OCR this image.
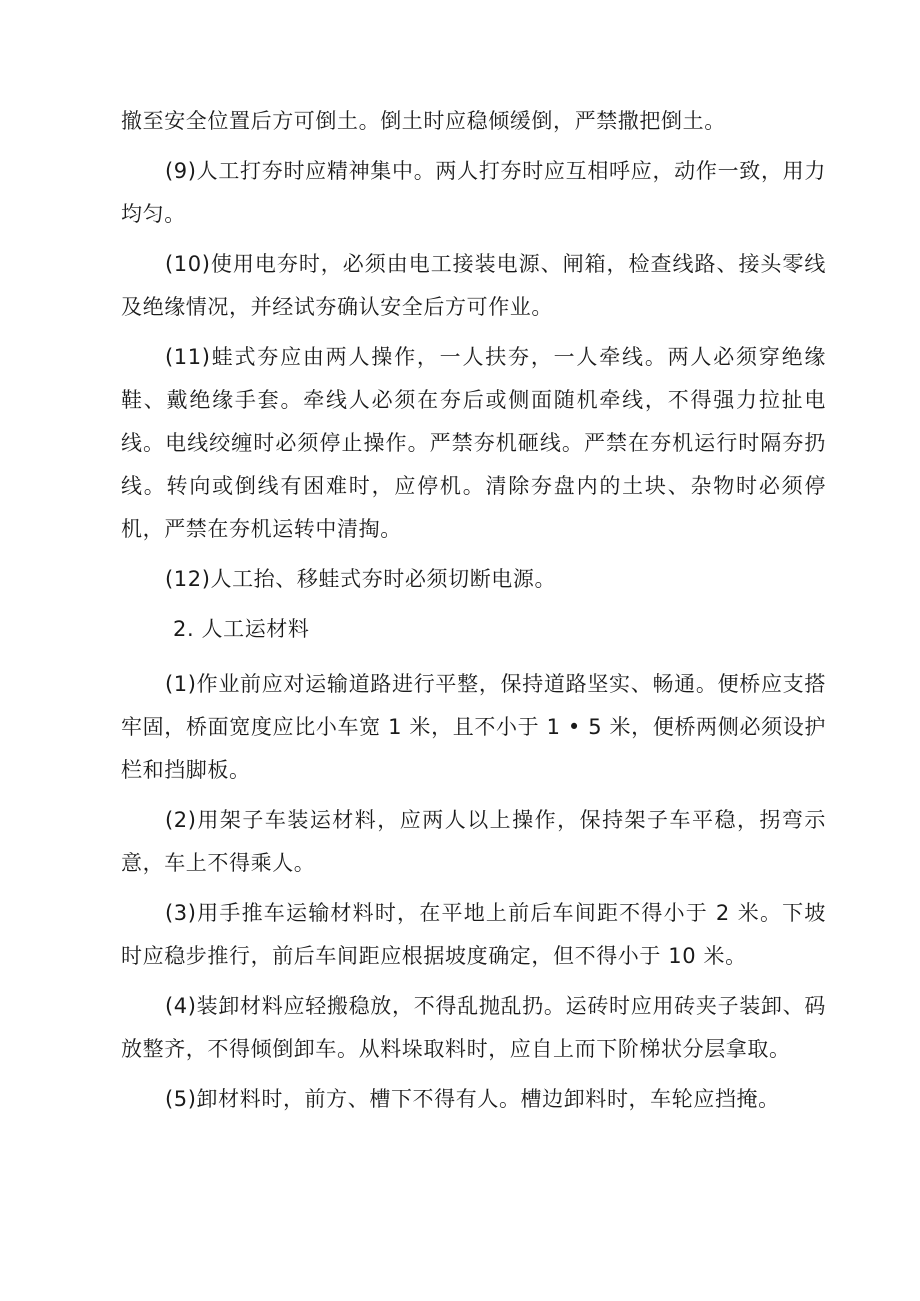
撤至安全位置后方可倒土。倒土时应稳倾缓倒，严禁撒把倒土。

(9)人工打夯时应精神集中。两人打夯时应互相呼应，动作一致，用力均匀。

(10)使用电夯时，必须由电工接装电源、闸箱，检查线路、接头零线及绝缘情况，并经试夯确认安全后方可作业。

(11)蛙式夯应由两人操作，一人扶夯，一人牵线。两人必须穿绝缘鞋、戴绝缘手套。牵线人必须在夯后或侧面随机牵线，不得强力拉扯电线。电线绞缠时必须停止操作。严禁夯机砸线。严禁在夯机运行时隔夯扔线。转向或倒线有困难时，应停机。清除夯盘内的土块、杂物时必须停机，严禁在夯机运转中清掏。

(12)人工抬、移蛙式夯时必须切断电源。

2. 人工运材料

(1)作业前应对运输道路进行平整，保持道路坚实、畅通。便桥应支搭牢固，桥面宽度应比小车宽 1 米，且不小于 1 • 5 米，便桥两侧必须设护栏和挡脚板。

(2)用架子车装运材料，应两人以上操作，保持架子车平稳，拐弯示意，车上不得乘人。

(3)用手推车运输材料时，在平地上前后车间距不得小于 2 米。下坡时应稳步推行，前后车间距应根据坡度确定，但不得小于 10 米。

(4)装卸材料应轻搬稳放，不得乱抛乱扔。运砖时应用砖夹子装卸、码放整齐，不得倾倒卸车。从料垛取料时，应自上而下阶梯状分层拿取。

(5)卸材料时，前方、槽下不得有人。槽边卸料时，车轮应挡掩。
